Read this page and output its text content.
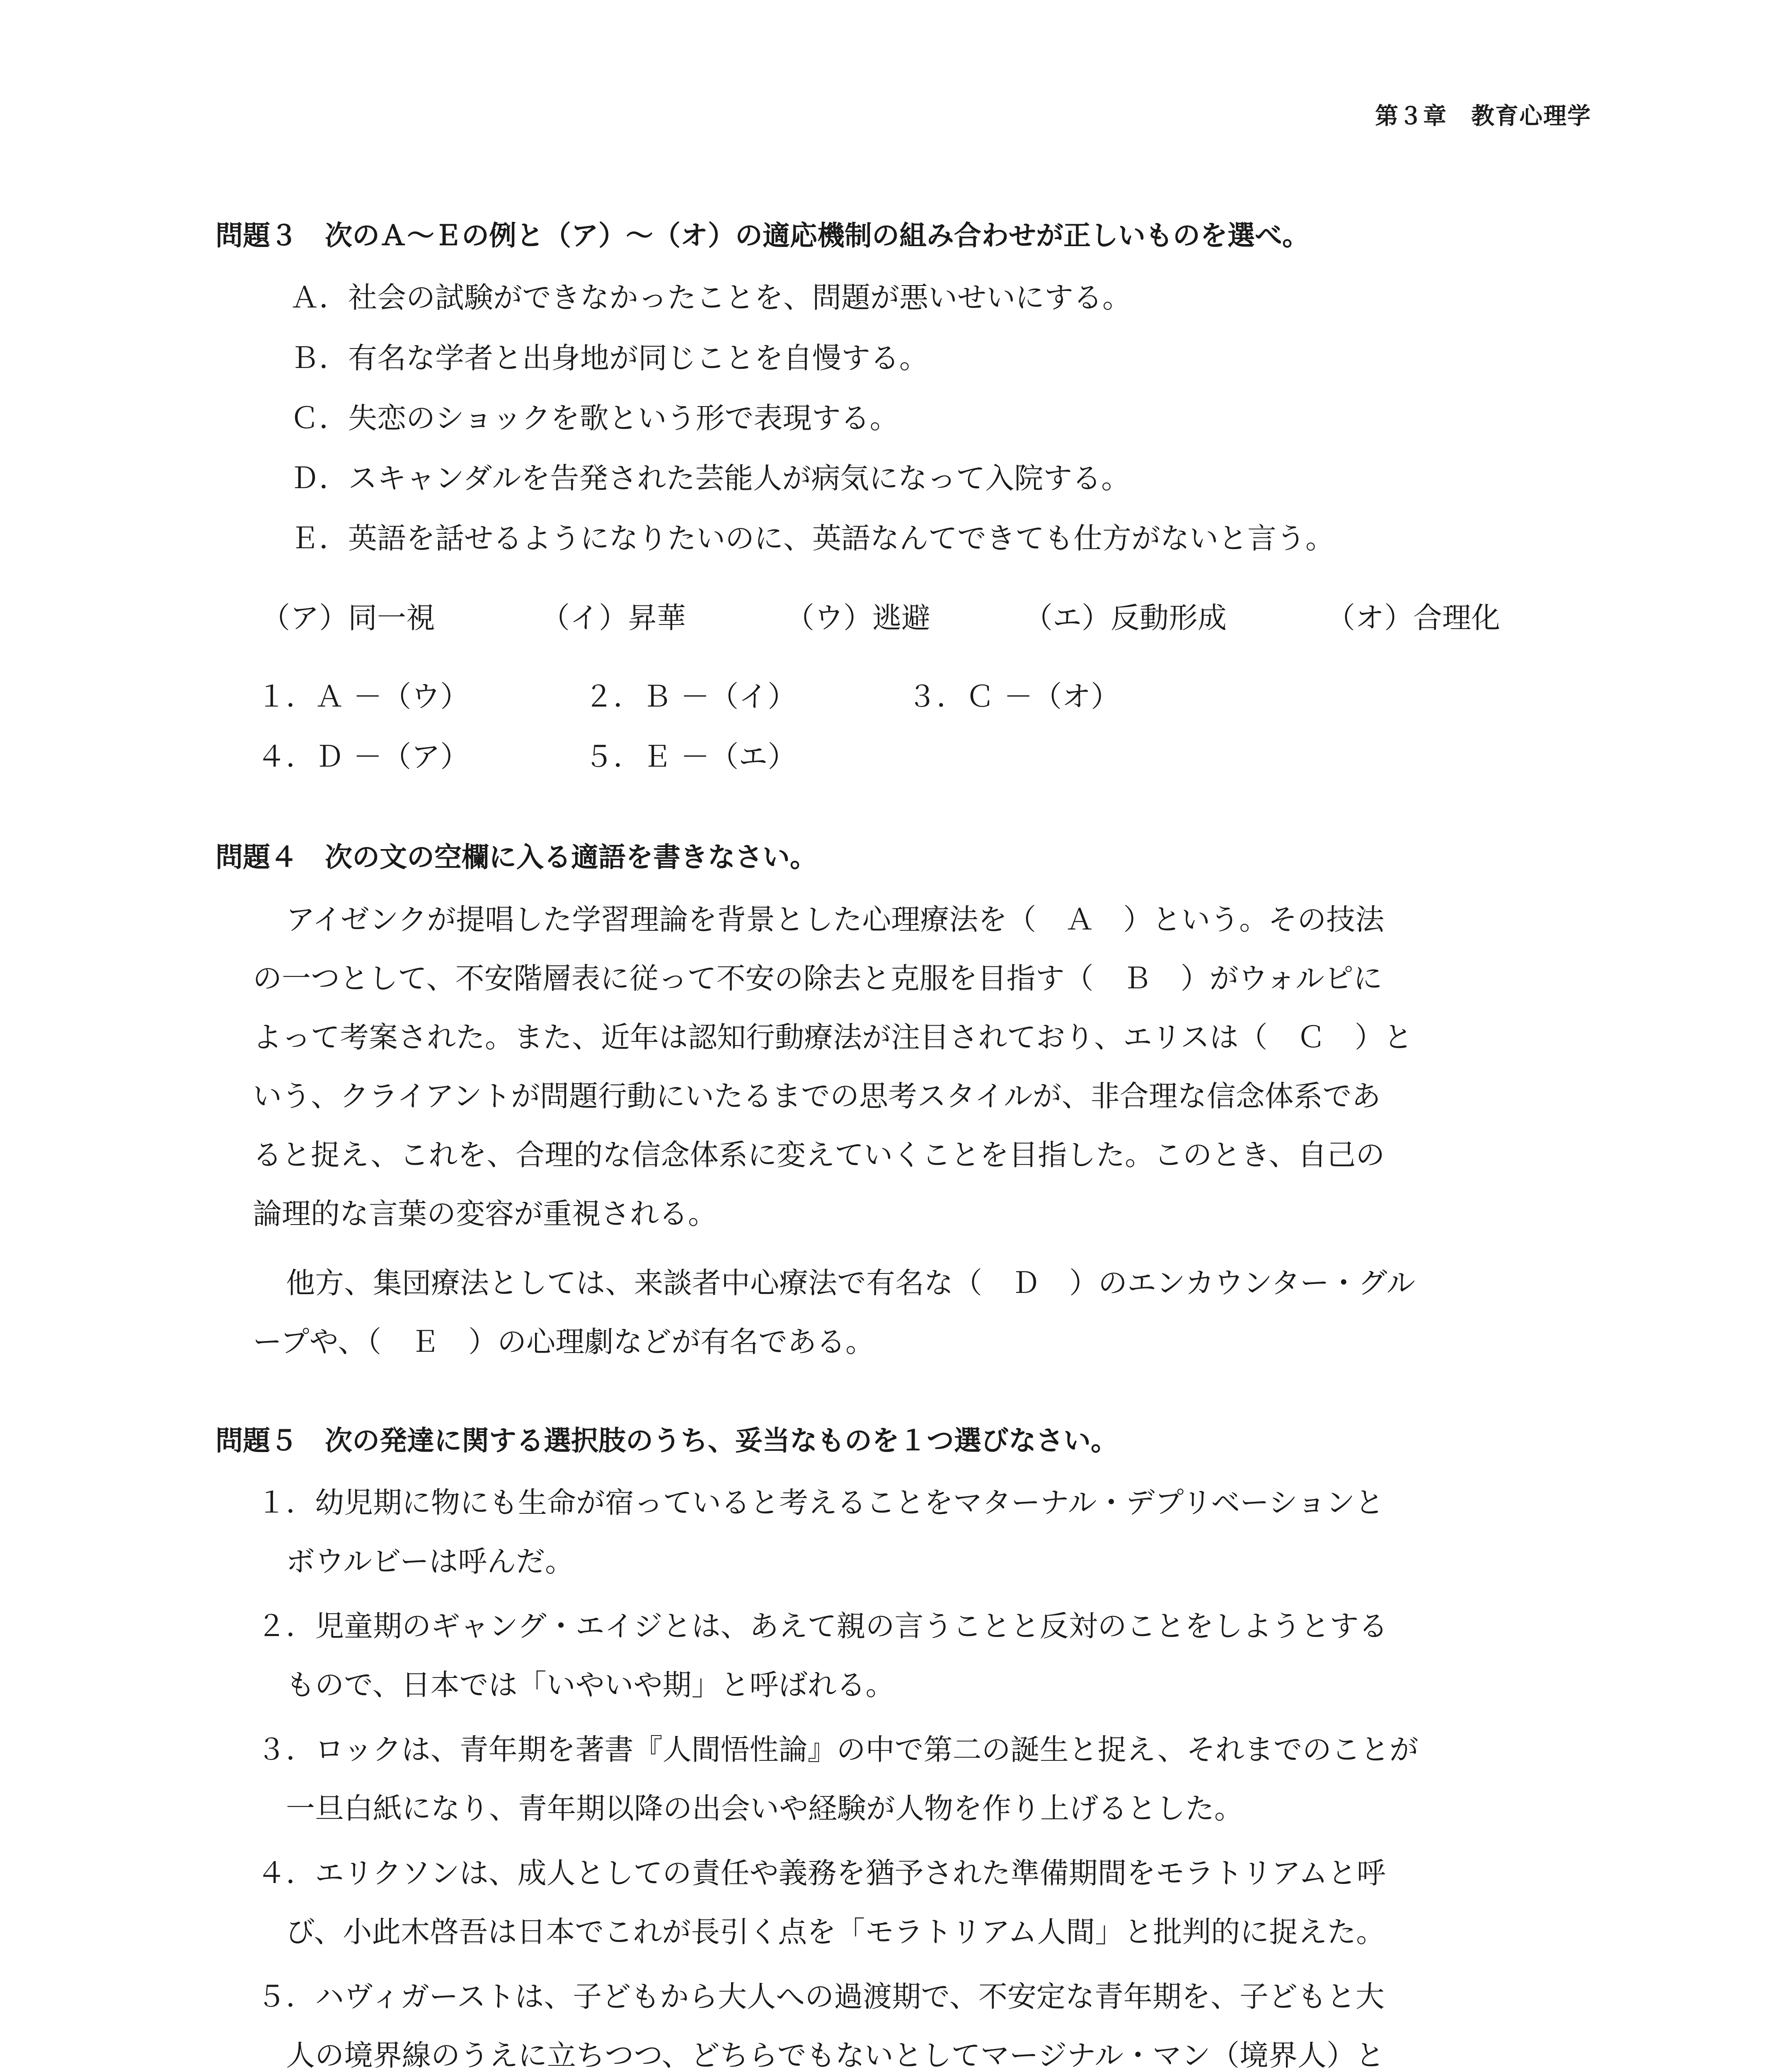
第３章　教育心理学
問題３　次のＡ～Ｅの例と（ア）～（オ）の適応機制の組み合わせが正しいものを選べ。
Ａ．社会の試験ができなかったことを、問題が悪いせいにする。
Ｂ．有名な学者と出身地が同じことを自慢する。
Ｃ．失恋のショックを歌という形で表現する。
Ｄ．スキャンダルを告発された芸能人が病気になって入院する。
Ｅ．英語を話せるようになりたいのに、英語なんてできても仕方がないと言う。
（ア）同一視	（イ）昇華	（ウ）逃避	（エ）反動形成	（オ）合理化
１．Ａ －（ウ）	２．Ｂ －（イ）	３．Ｃ －（オ）
４．Ｄ －（ア）	５．Ｅ －（エ）
問題４　次の文の空欄に入る適語を書きなさい。
アイゼンクが提唱した学習理論を背景とした心理療法を（　Ａ　）という。その技法
の一つとして、不安階層表に従って不安の除去と克服を目指す（　Ｂ　）がウォルピに
よって考案された。また、近年は認知行動療法が注目されており、エリスは（　Ｃ　）と
いう、クライアントが問題行動にいたるまでの思考スタイルが、非合理な信念体系であ
ると捉え、これを、合理的な信念体系に変えていくことを目指した。このとき、自己の
論理的な言葉の変容が重視される。
他方、集団療法としては、来談者中心療法で有名な（　Ｄ　）のエンカウンター・グル
ープや、（　Ｅ　）の心理劇などが有名である。
問題５　次の発達に関する選択肢のうち、妥当なものを１つ選びなさい。
１．幼児期に物にも生命が宿っていると考えることをマターナル・デプリベーションと
ボウルビーは呼んだ。
２．児童期のギャング・エイジとは、あえて親の言うことと反対のことをしようとする
もので、日本では「いやいや期」と呼ばれる。
３．ロックは、青年期を著書『人間悟性論』の中で第二の誕生と捉え、それまでのことが
一旦白紙になり、青年期以降の出会いや経験が人物を作り上げるとした。
４．エリクソンは、成人としての責任や義務を猶予された準備期間をモラトリアムと呼
び、小此木啓吾は日本でこれが長引く点を「モラトリアム人間」と批判的に捉えた。
５．ハヴィガーストは、子どもから大人への過渡期で、不安定な青年期を、子どもと大
人の境界線のうえに立ちつつ、どちらでもないとしてマージナル・マン（境界人）と
